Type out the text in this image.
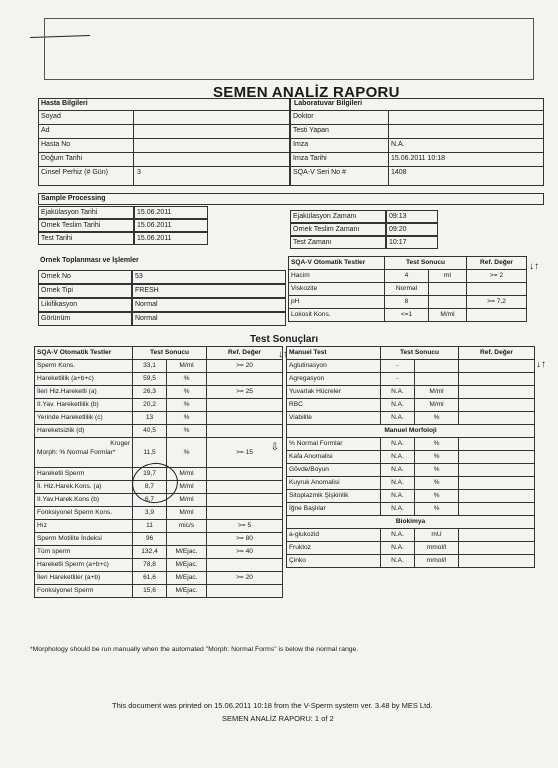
SEMEN ANALİZ RAPORU
Soyad
Ad
Hasta No
Doğum Tarihi
Cinsel Perhiz (# Gün)	3
Doktor
Testi Yapan
İmza	N.A.
İmza Tarihi	15.06.2011 10:18
SQA-V Seri No #	1408
Hasta Bilgileri	Laboratuvar Bilgileri
Sample Processing
Ejakülasyon Tarihi	15.06.2011
Örnek Teslim Tarihi	15.06.2011
Test Tarihi	15.06.2011
Ejakülasyon Zamanı	09:13
Örnek Teslim Zamanı	09:20
Test Zamanı	10:17
Örnek Toplanması ve İşlemler
Örnek No	53
Örnek Tipi	FRESH
Likifikasyon	Normal
Görünüm	Normal
SQA-V Otomatik Testler	Test Sonucu		Ref. Değer
Hacim	4	ml	>= 2
Viskozite	Normal		
pH	8		>= 7,2
Lokosit Kons.	<=1	M/ml	
↓↑
Test Sonuçları
SQA-V Otomatik Testler	Test Sonucu		Ref. Değer
Sperm Kons.	33,1	M/ml	>= 20
Hareketlilik (a+b+c)	59,5	%	
İleri Hiz.Hareketli (a)	26,3	%	>= 25
II.Yav. Hareketlilik (b)	20,2	%	
Yerinde Hareketlilik (c)	13	%	
Hareketsizlik (d)	40,5	%	
Morph: % Normal Formlar*

Kruger	11,5	%	>= 15 ⇩

Hareketli Sperm	19,7	M/ml	
İl. Hiz.Harek.Kons. (a)	8,7	M/ml	
II.Yav.Harek.Kons (b)	6,7	M/ml	
Fonksiyonel Sperm Kons.	3,9	M/ml	
Hız	11	mic/s	>= 5
Sperm Motilite İndeksi	96		>= 80
Tüm sperm	132,4	M/Ejac.	>= 40
Hareketli Sperm (a+b+c)	78,8	M/Ejac.	
İleri Hareketliler (a+b)	61,6	M/Ejac.	>= 20
Fonksiyonel Sperm	15,6	M/Ejac.	
↓↑ Manuel Test	Test Sonucu		Ref. Değer
Aglutinasyon	-		
Agregasyon	-		
Yuvarlak Hücreler	N.A.	M/ml	
RBC	N.A.	M/ml	
Viabilite	N.A.	%	
Manuel Morfoloji			
% Normal Formlar	N.A.	%	
Kafa Anomalisi	N.A.	%	
Gövde/Boyun	N.A.	%	
Kuyruk Anomalisi	N.A.	%	
Sitoplazmik Şişkinlik	N.A.	%	
İğne Başlılar	N.A.	%	
Biokimya			
a-glukozid	N.A.	mU	
Fruktoz	N.A.	mmol/l	
Çinko	N.A.	mmol/l	
↓↑
*Morphology should be run manually when the automated "Morph: Normal Forms" is below the normal range.
This document was printed on 15.06.2011 10:18 from the V-Sperm system ver. 3.48 by MES Ltd.
SEMEN ANALİZ RAPORU: 1 of 2
